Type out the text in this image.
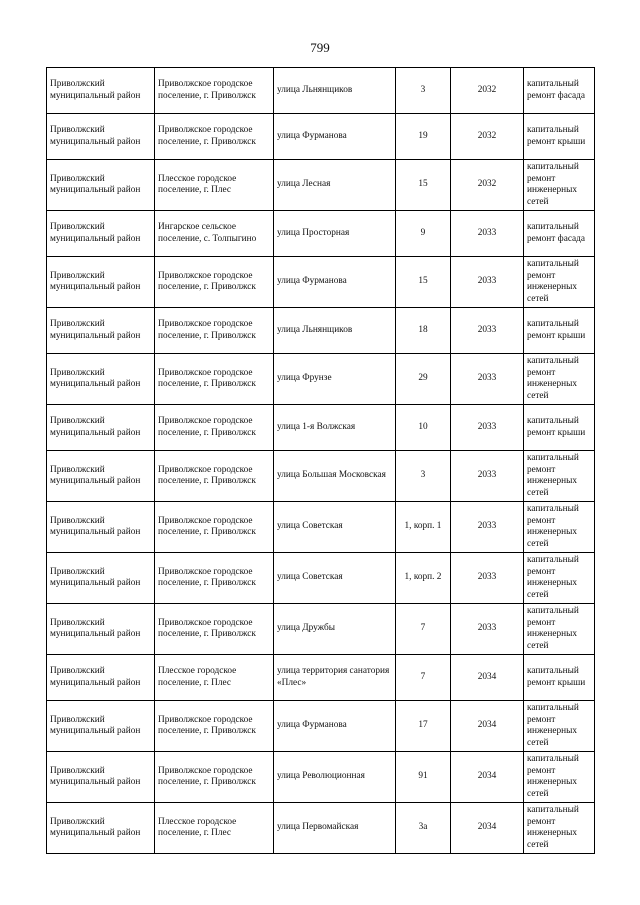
799
Приволжский муниципальный район	Приволжское городское поселение, г. Приволжск	улица Льнянщиков	3	2032	капитальный ремонт фасада
Приволжский муниципальный район	Приволжское городское поселение, г. Приволжск	улица Фурманова	19	2032	капитальный ремонт крыши
Приволжский муниципальный район	Плесское городское поселение, г. Плес	улица Лесная	15	2032	капитальный ремонт инженерных сетей
Приволжский муниципальный район	Ингарское сельское поселение, с. Толпыгино	улица Просторная	9	2033	капитальный ремонт фасада
Приволжский муниципальный район	Приволжское городское поселение, г. Приволжск	улица Фурманова	15	2033	капитальный ремонт инженерных сетей
Приволжский муниципальный район	Приволжское городское поселение, г. Приволжск	улица Льнянщиков	18	2033	капитальный ремонт крыши
Приволжский муниципальный район	Приволжское городское поселение, г. Приволжск	улица Фрунзе	29	2033	капитальный ремонт инженерных сетей
Приволжский муниципальный район	Приволжское городское поселение, г. Приволжск	улица 1-я Волжская	10	2033	капитальный ремонт крыши
Приволжский муниципальный район	Приволжское городское поселение, г. Приволжск	улица Большая Московская	3	2033	капитальный ремонт инженерных сетей
Приволжский муниципальный район	Приволжское городское поселение, г. Приволжск	улица Советская	1, корп. 1	2033	капитальный ремонт инженерных сетей
Приволжский муниципальный район	Приволжское городское поселение, г. Приволжск	улица Советская	1, корп. 2	2033	капитальный ремонт инженерных сетей
Приволжский муниципальный район	Приволжское городское поселение, г. Приволжск	улица Дружбы	7	2033	капитальный ремонт инженерных сетей
Приволжский муниципальный район	Плесское городское поселение, г. Плес	улица территория санатория «Плес»	7	2034	капитальный ремонт крыши
Приволжский муниципальный район	Приволжское городское поселение, г. Приволжск	улица Фурманова	17	2034	капитальный ремонт инженерных сетей
Приволжский муниципальный район	Приволжское городское поселение, г. Приволжск	улица Революционная	91	2034	капитальный ремонт инженерных сетей
Приволжский муниципальный район	Плесское городское поселение, г. Плес	улица Первомайская	3а	2034	капитальный ремонт инженерных сетей
